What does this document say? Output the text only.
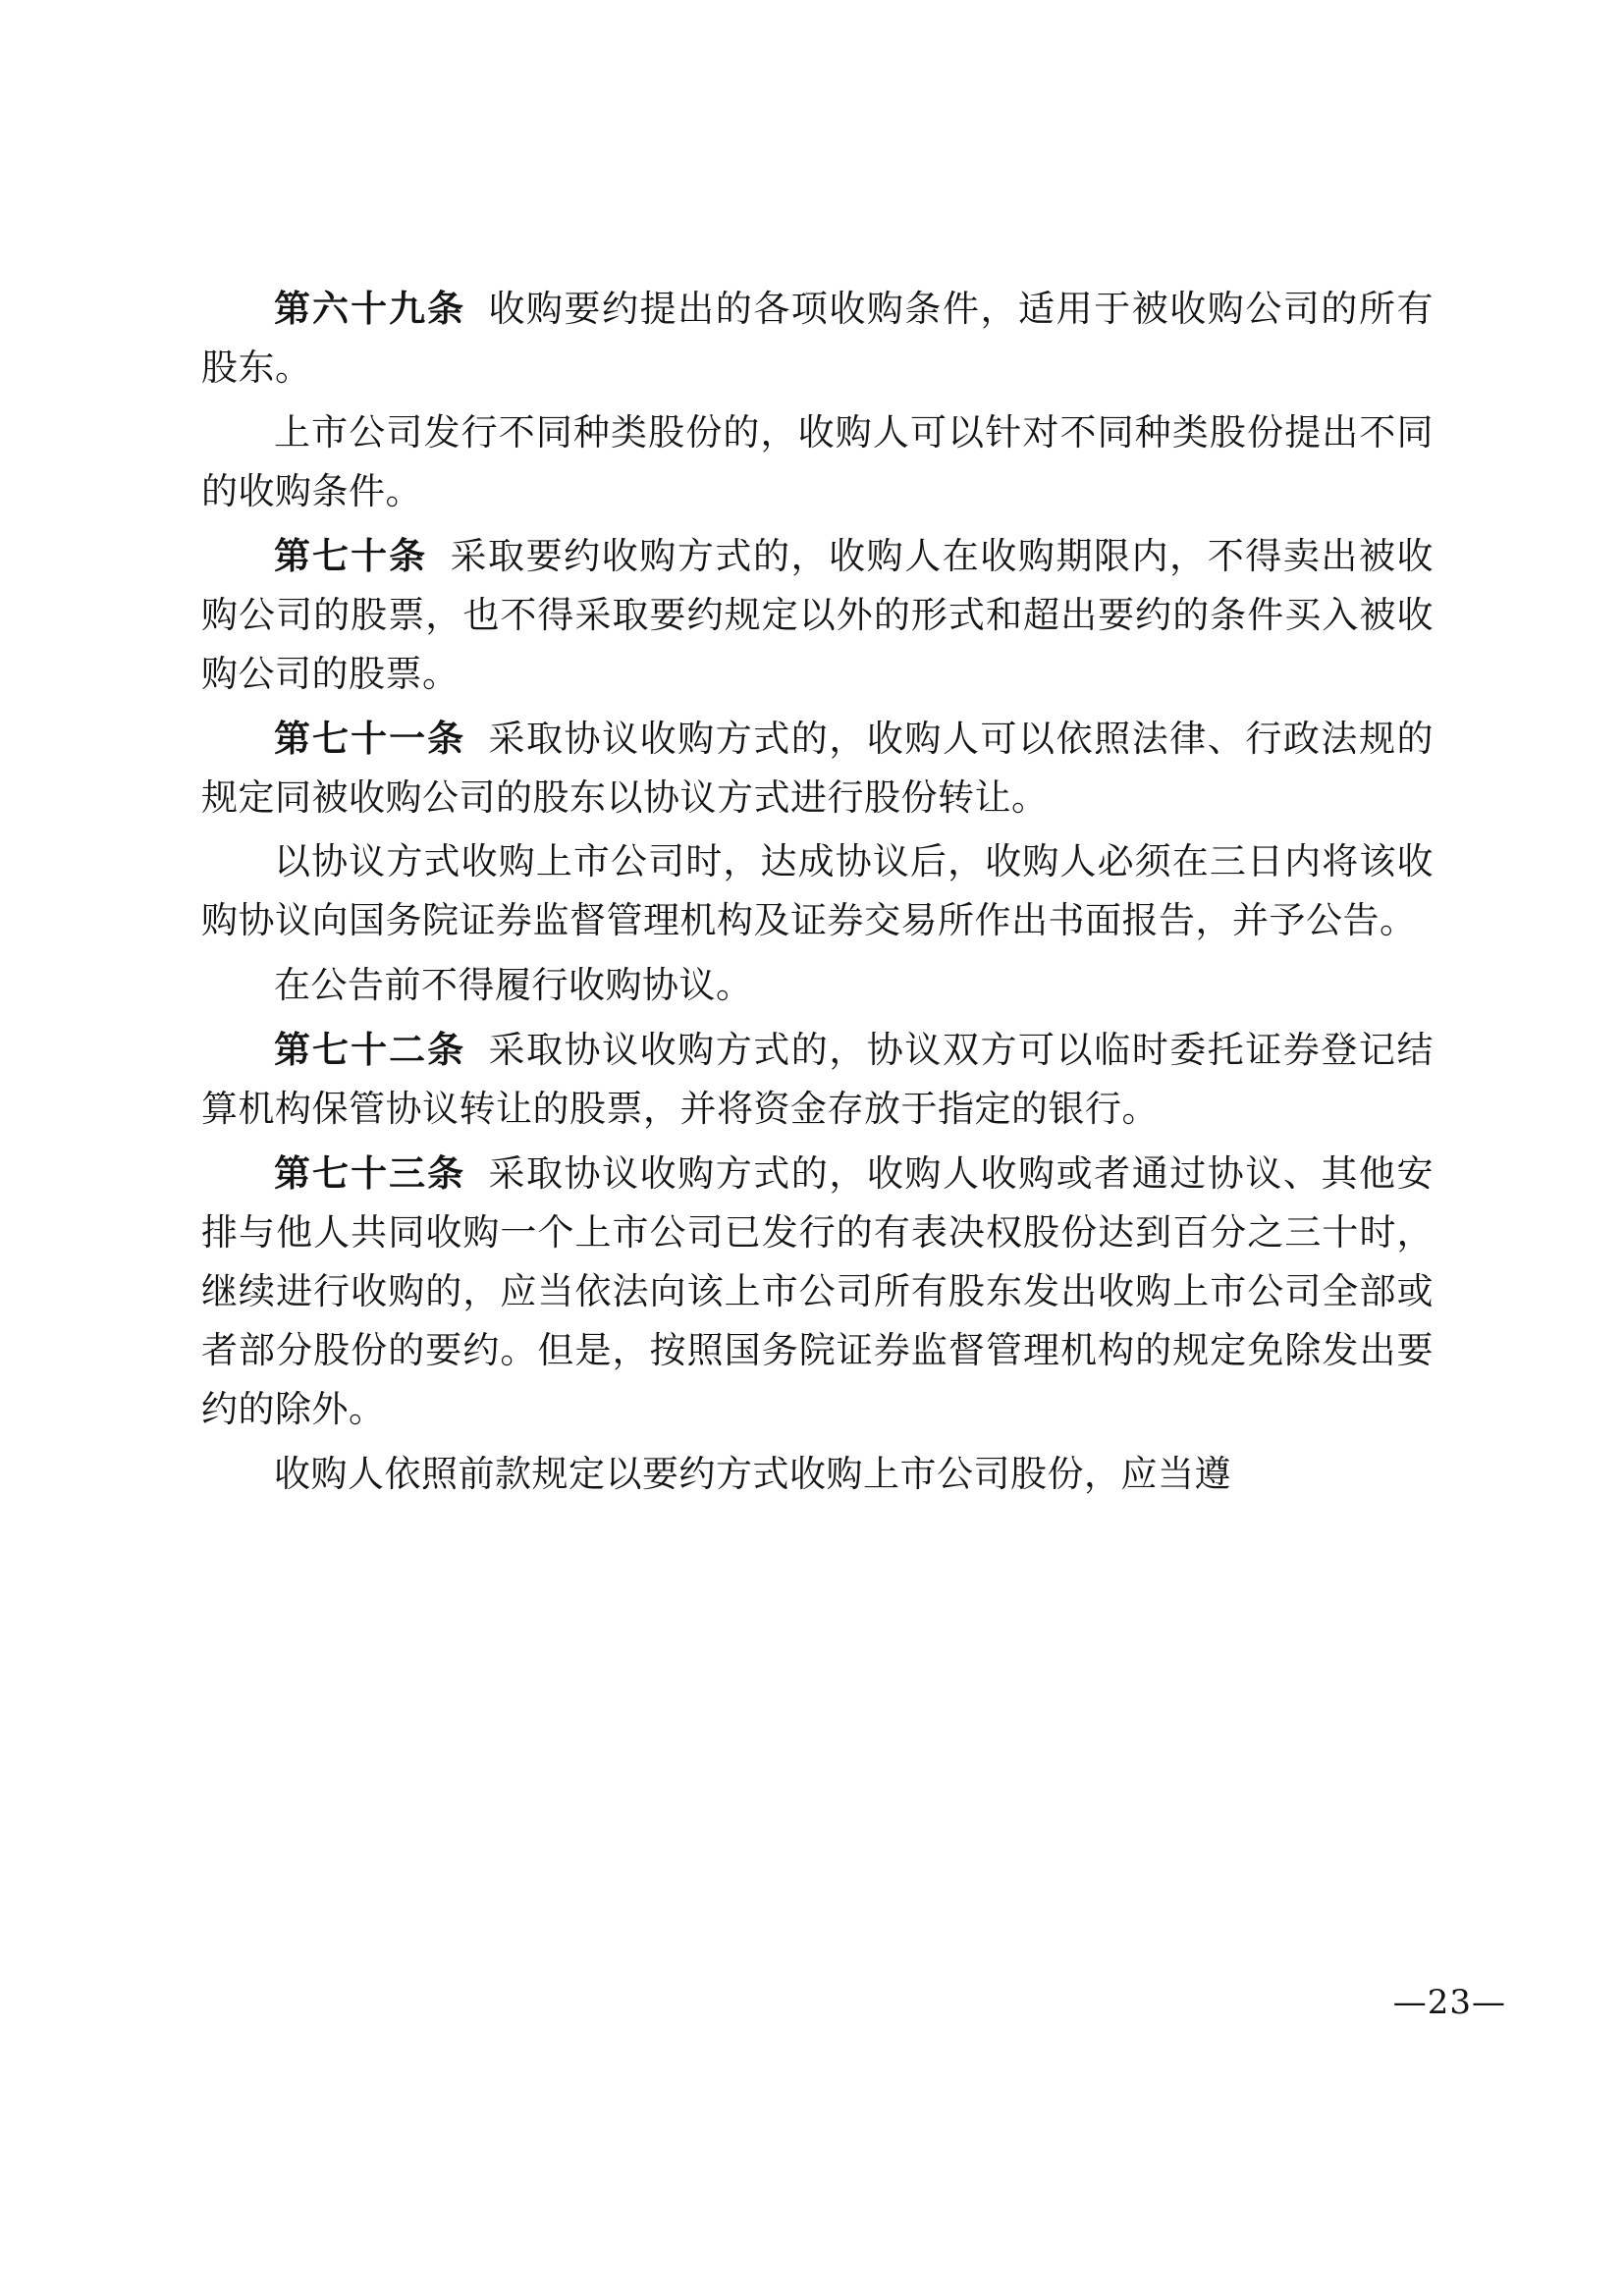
第六十九条 收购要约提出的各项收购条件，适用于被收购公司的所有股东。

上市公司发行不同种类股份的，收购人可以针对不同种类股份提出不同的收购条件。

第七十条 采取要约收购方式的，收购人在收购期限内，不得卖出被收购公司的股票，也不得采取要约规定以外的形式和超出要约的条件买入被收购公司的股票。

第七十一条 采取协议收购方式的，收购人可以依照法律、行政法规的规定同被收购公司的股东以协议方式进行股份转让。

以协议方式收购上市公司时，达成协议后，收购人必须在三日内将该收购协议向国务院证券监督管理机构及证券交易所作出书面报告，并予公告。

在公告前不得履行收购协议。

第七十二条 采取协议收购方式的，协议双方可以临时委托证券登记结算机构保管协议转让的股票，并将资金存放于指定的银行。

第七十三条 采取协议收购方式的，收购人收购或者通过协议、其他安排与他人共同收购一个上市公司已发行的有表决权股份达到百分之三十时，继续进行收购的，应当依法向该上市公司所有股东发出收购上市公司全部或者部分股份的要约。但是，按照国务院证券监督管理机构的规定免除发出要约的除外。

收购人依照前款规定以要约方式收购上市公司股份，应当遵

—23—
